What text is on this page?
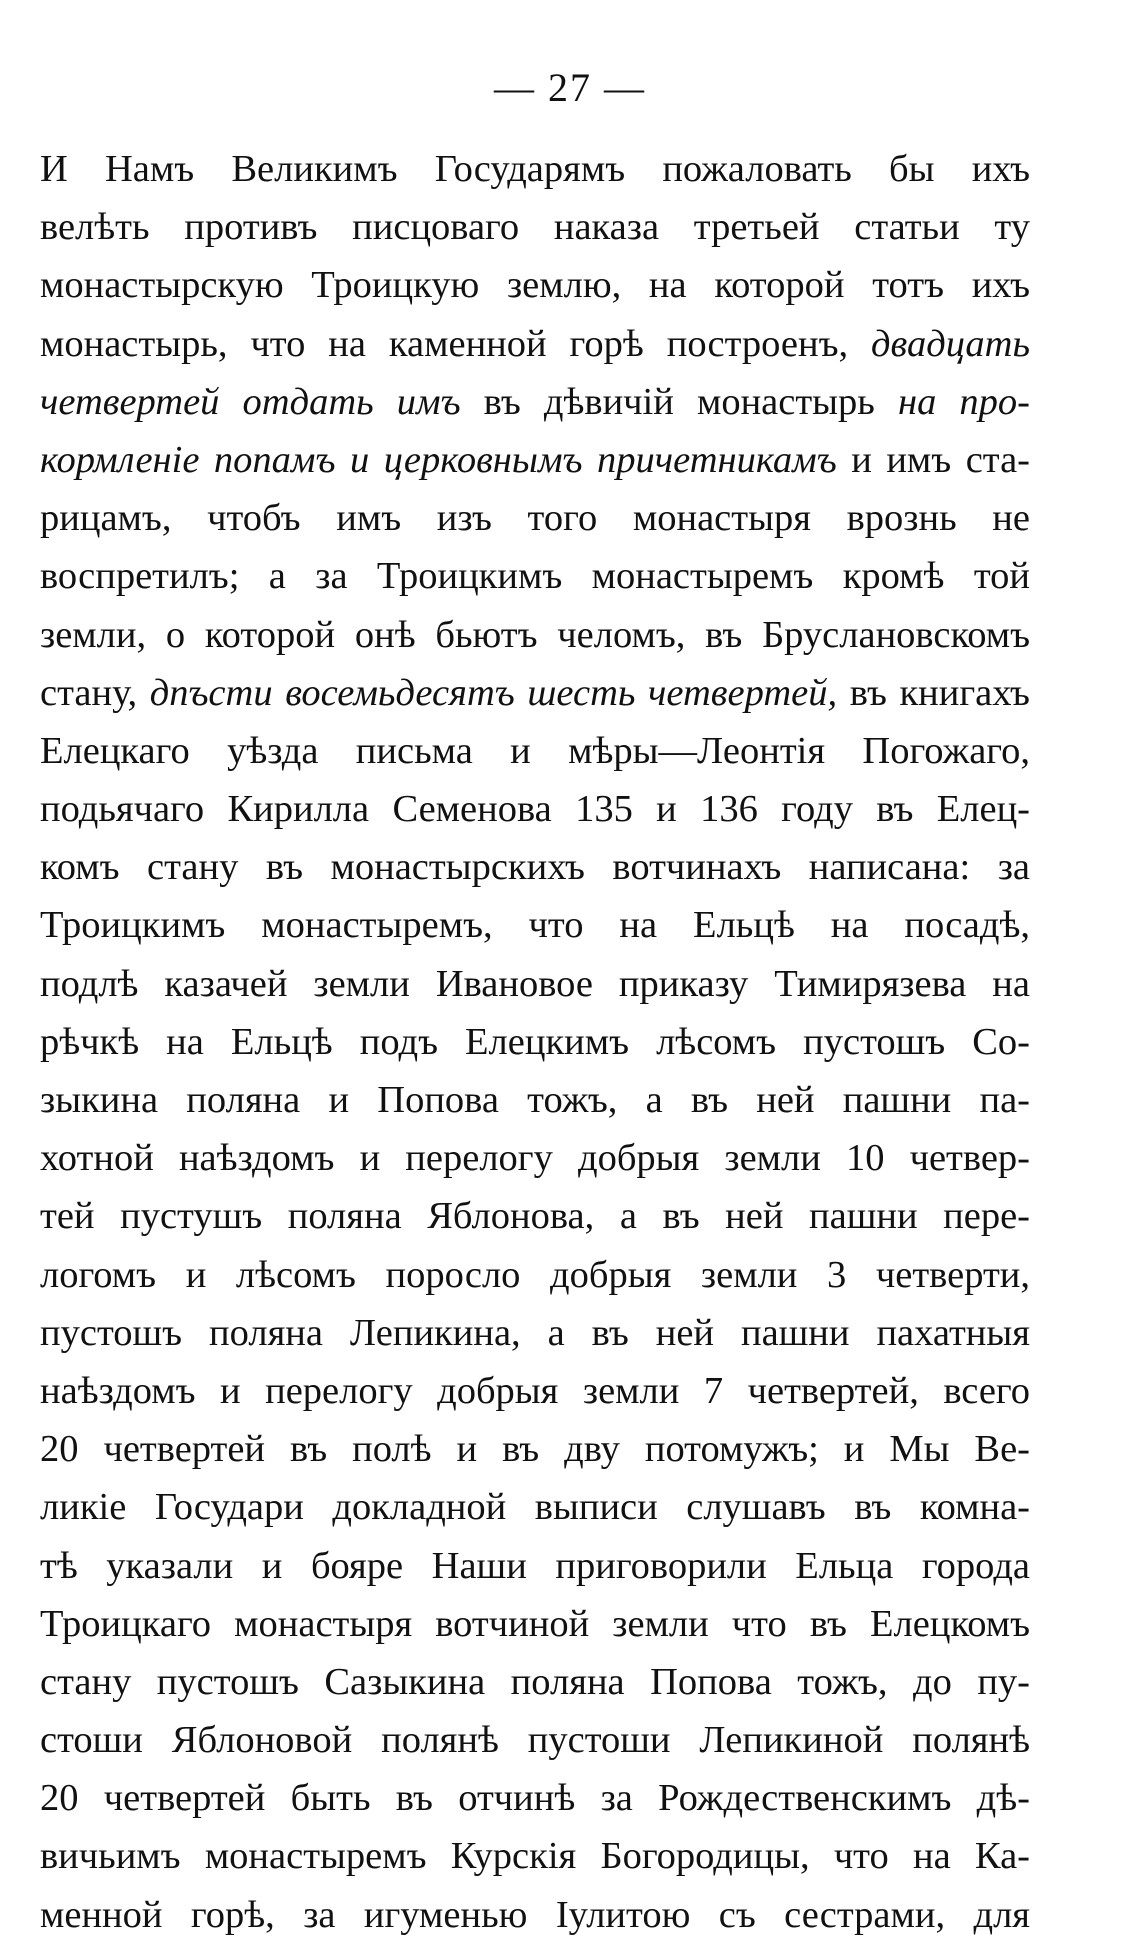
— 27 —
И Намъ Великимъ Государямъ пожаловать бы ихъ
велѣть противъ писцоваго наказа третьей статьи ту
монастырскую Троицкую землю, на которой тотъ ихъ
монастырь, что на каменной горѣ построенъ, двадцать
четвертей отдать имъ въ дѣвичій монастырь на про-
кормленіе попамъ и церковнымъ причетникамъ и имъ ста-
рицамъ, чтобъ имъ изъ того монастыря врознь не
воспретилъ; а за Троицкимъ монастыремъ кромѣ той
земли, о которой онѣ бьютъ челомъ, въ Бруслановскомъ
стану, дпъсти восемьдесятъ шесть четвертей, въ книгахъ
Елецкаго уѣзда письма и мѣры—Леонтія Погожаго,
подьячаго Кирилла Семенова 135 и 136 году въ Елец-
комъ стану въ монастырскихъ вотчинахъ написана: за
Троицкимъ монастыремъ, что на Ельцѣ на посадѣ,
подлѣ казачей земли Ивановое приказу Тимирязева на
рѣчкѣ на Ельцѣ подъ Елецкимъ лѣсомъ пустошъ Со-
зыкина поляна и Попова тожъ, а въ ней пашни па-
хотной наѣздомъ и перелогу добрыя земли 10 четвер-
тей пустушъ поляна Яблонова, а въ ней пашни пере-
логомъ и лѣсомъ поросло добрыя земли 3 четверти,
пустошъ поляна Лепикина, а въ ней пашни пахатныя
наѣздомъ и перелогу добрыя земли 7 четвертей, всего
20 четвертей въ полѣ и въ дву потомужъ; и Мы Ве-
ликіе Государи докладной выписи слушавъ въ комна-
тѣ указали и бояре Наши приговорили Ельца города
Троицкаго монастыря вотчиной земли что въ Елецкомъ
стану пустошъ Сазыкина поляна Попова тожъ, до пу-
стоши Яблоновой полянѣ пустоши Лепикиной полянѣ
20 четвертей быть въ отчинѣ за Рождественскимъ дѣ-
вичьимъ монастыремъ Курскія Богородицы, что на Ка-
менной горѣ, за игуменью Іулитою съ сестрами, для
